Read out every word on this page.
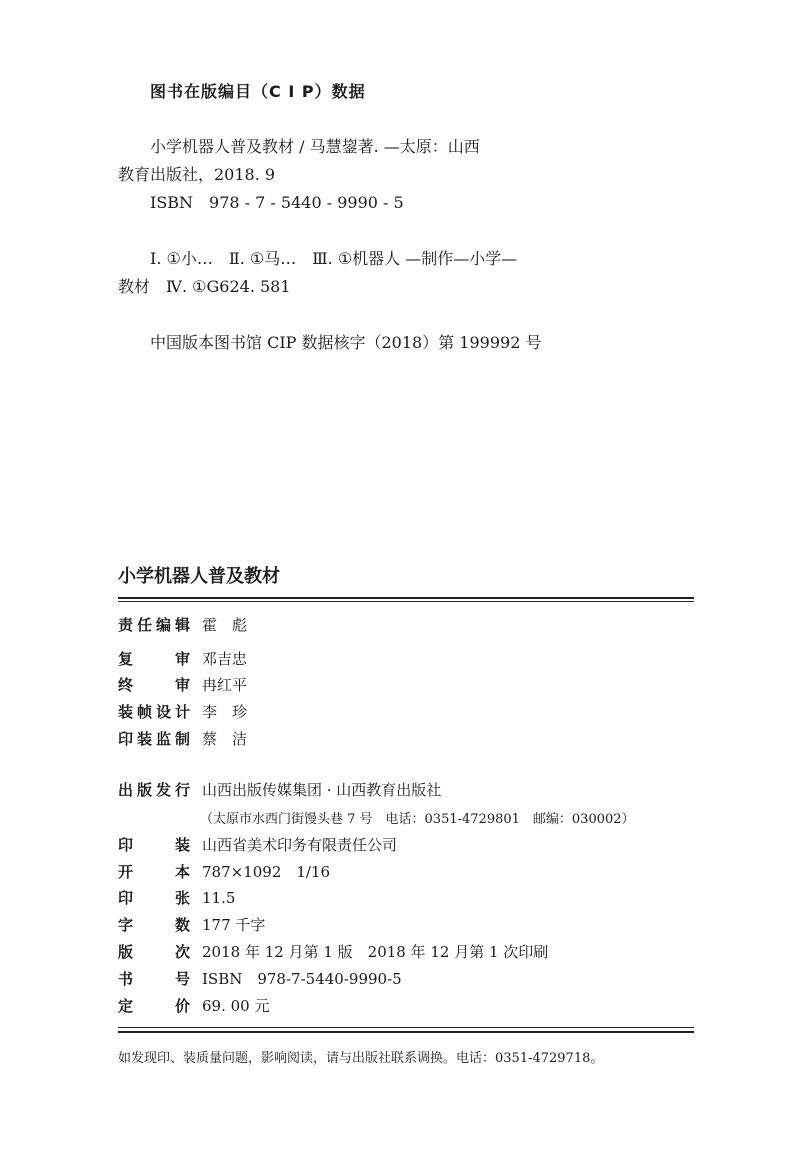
图书在版编目（C I P）数据
小学机器人普及教材 / 马慧鋆著. —太原：山西
教育出版社，2018. 9
ISBN　978 - 7 - 5440 - 9990 - 5
Ⅰ. ①小…　Ⅱ. ①马…　Ⅲ. ①机器人 —制作—小学—
教材　Ⅳ. ①G624. 581
中国版本图书馆 CIP 数据核字（2018）第 199992 号
小学机器人普及教材
责任编辑 霍　彪
复审 邓吉忠
终审 冉红平
装帧设计 李　珍
印装监制 蔡　洁
出版发行 山西出版传媒集团 · 山西教育出版社
（太原市水西门街馒头巷 7 号　电话：0351-4729801　邮编：030002）
印装 山西省美术印务有限责任公司
开本 787×1092　1/16
印张 11.5
字数 177 千字
版次 2018 年 12 月第 1 版　2018 年 12 月第 1 次印刷
书号 ISBN　978-7-5440-9990-5
定价 69. 00 元
如发现印、装质量问题，影响阅读，请与出版社联系调换。电话：0351-4729718。
